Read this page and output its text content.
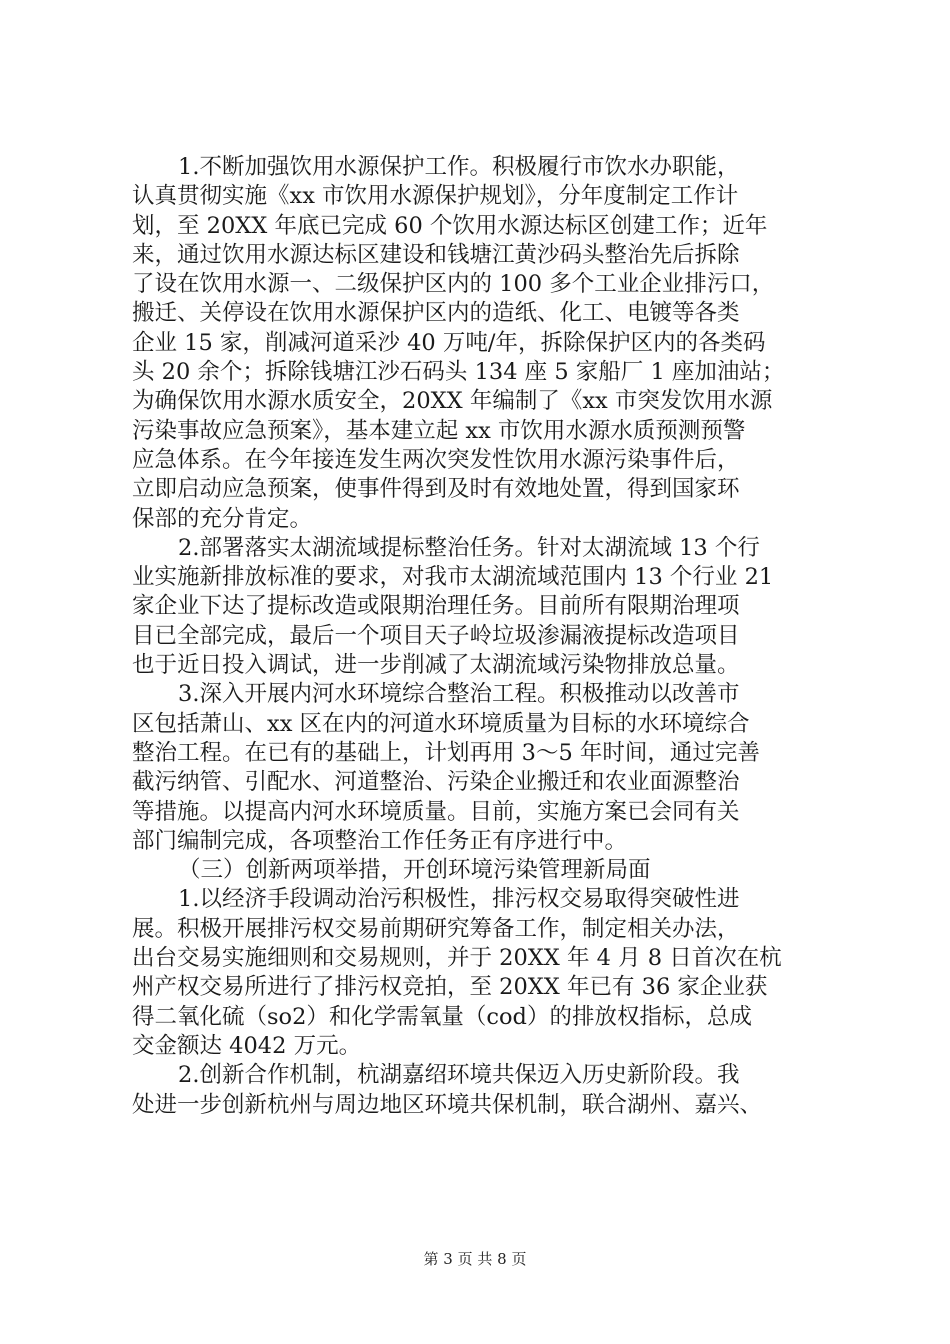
1.不断加强饮用水源保护工作。积极履行市饮水办职能，
认真贯彻实施《xx 市饮用水源保护规划》，分年度制定工作计
划，至 20XX 年底已完成 60 个饮用水源达标区创建工作；近年
来，通过饮用水源达标区建设和钱塘江黄沙码头整治先后拆除
了设在饮用水源一、二级保护区内的 100 多个工业企业排污口，
搬迁、关停设在饮用水源保护区内的造纸、化工、电镀等各类
企业 15 家，削减河道采沙 40 万吨/年，拆除保护区内的各类码
头 20 余个；拆除钱塘江沙石码头 134 座 5 家船厂 1 座加油站；
为确保饮用水源水质安全，20XX 年编制了《xx 市突发饮用水源
污染事故应急预案》，基本建立起 xx 市饮用水源水质预测预警
应急体系。在今年接连发生两次突发性饮用水源污染事件后，
立即启动应急预案，使事件得到及时有效地处置，得到国家环
保部的充分肯定。
2.部署落实太湖流域提标整治任务。针对太湖流域 13 个行
业实施新排放标准的要求，对我市太湖流域范围内 13 个行业 21
家企业下达了提标改造或限期治理任务。目前所有限期治理项
目已全部完成，最后一个项目天子岭垃圾渗漏液提标改造项目
也于近日投入调试，进一步削减了太湖流域污染物排放总量。
3.深入开展内河水环境综合整治工程。积极推动以改善市
区包括萧山、xx 区在内的河道水环境质量为目标的水环境综合
整治工程。在已有的基础上，计划再用 3～5 年时间，通过完善
截污纳管、引配水、河道整治、污染企业搬迁和农业面源整治
等措施。以提高内河水环境质量。目前，实施方案已会同有关
部门编制完成，各项整治工作任务正有序进行中。
（三）创新两项举措，开创环境污染管理新局面
1.以经济手段调动治污积极性，排污权交易取得突破性进
展。积极开展排污权交易前期研究筹备工作，制定相关办法，
出台交易实施细则和交易规则，并于 20XX 年 4 月 8 日首次在杭
州产权交易所进行了排污权竞拍，至 20XX 年已有 36 家企业获
得二氧化硫（so2）和化学需氧量（cod）的排放权指标，总成
交金额达 4042 万元。
2.创新合作机制，杭湖嘉绍环境共保迈入历史新阶段。我
处进一步创新杭州与周边地区环境共保机制，联合湖州、嘉兴、
第 3 页 共 8 页
